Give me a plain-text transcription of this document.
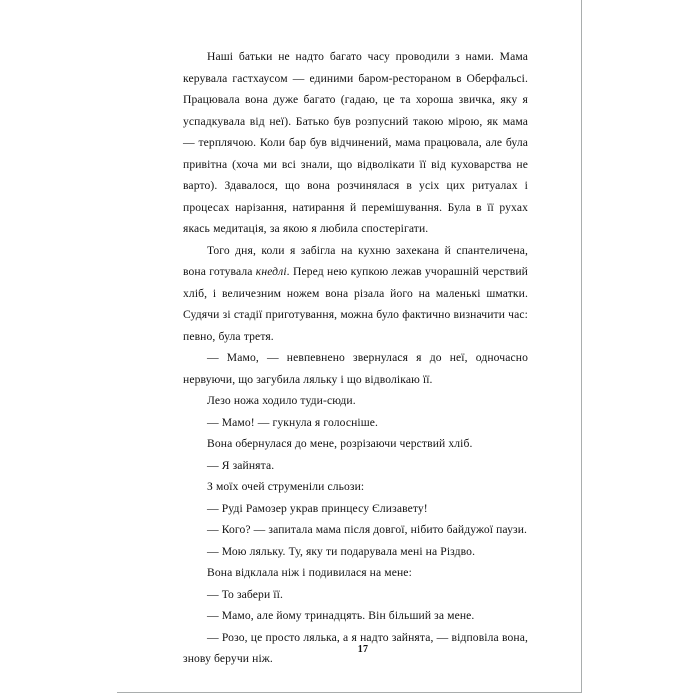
Наші батьки не надто багато часу проводили з нами. Мама керувала гастхаусом — единими баром-рестораном в Оберфальсі. Працювала вона дуже багато (гадаю, це та хороша звичка, яку я успадкувала від неї). Батько був розпусний такою мірою, як мама — терплячою. Коли бар був відчинений, мама працювала, але була привітна (хоча ми всі знали, що відволікати її від куховарства не варто). Здавалося, що вона розчинялася в усіх цих ритуалах і процесах нарізання, натирання й перемішування. Була в її рухах якась медитація, за якою я любила спостерігати.

Того дня, коли я забігла на кухню захекана й спантеличена, вона готувала кнедлі. Перед нею купкою лежав учорашній черствий хліб, і величезним ножем вона різала його на маленькі шматки. Судячи зі стадії приготування, можна було фактично визначити час: певно, була третя.

— Мамо, — невпевнено звернулася я до неї, одночасно нервуючи, що загубила ляльку і що відволікаю її.

Лезо ножа ходило туди-сюди.

— Мамо! — гукнула я голосніше.

Вона обернулася до мене, розрізаючи черствий хліб.

— Я зайнята.

З моїх очей струменіли сльози:

— Руді Рамозер украв принцесу Єлизавету!

— Кого? — запитала мама після довгої, нібито байдужої паузи.

— Мою ляльку. Ту, яку ти подарувала мені на Різдво.

Вона відклала ніж і подивилася на мене:

— То забери її.

— Мамо, але йому тринадцять. Він більший за мене.

— Розо, це просто лялька, а я надто зайнята, — відповіла вона, знову беручи ніж.

17
